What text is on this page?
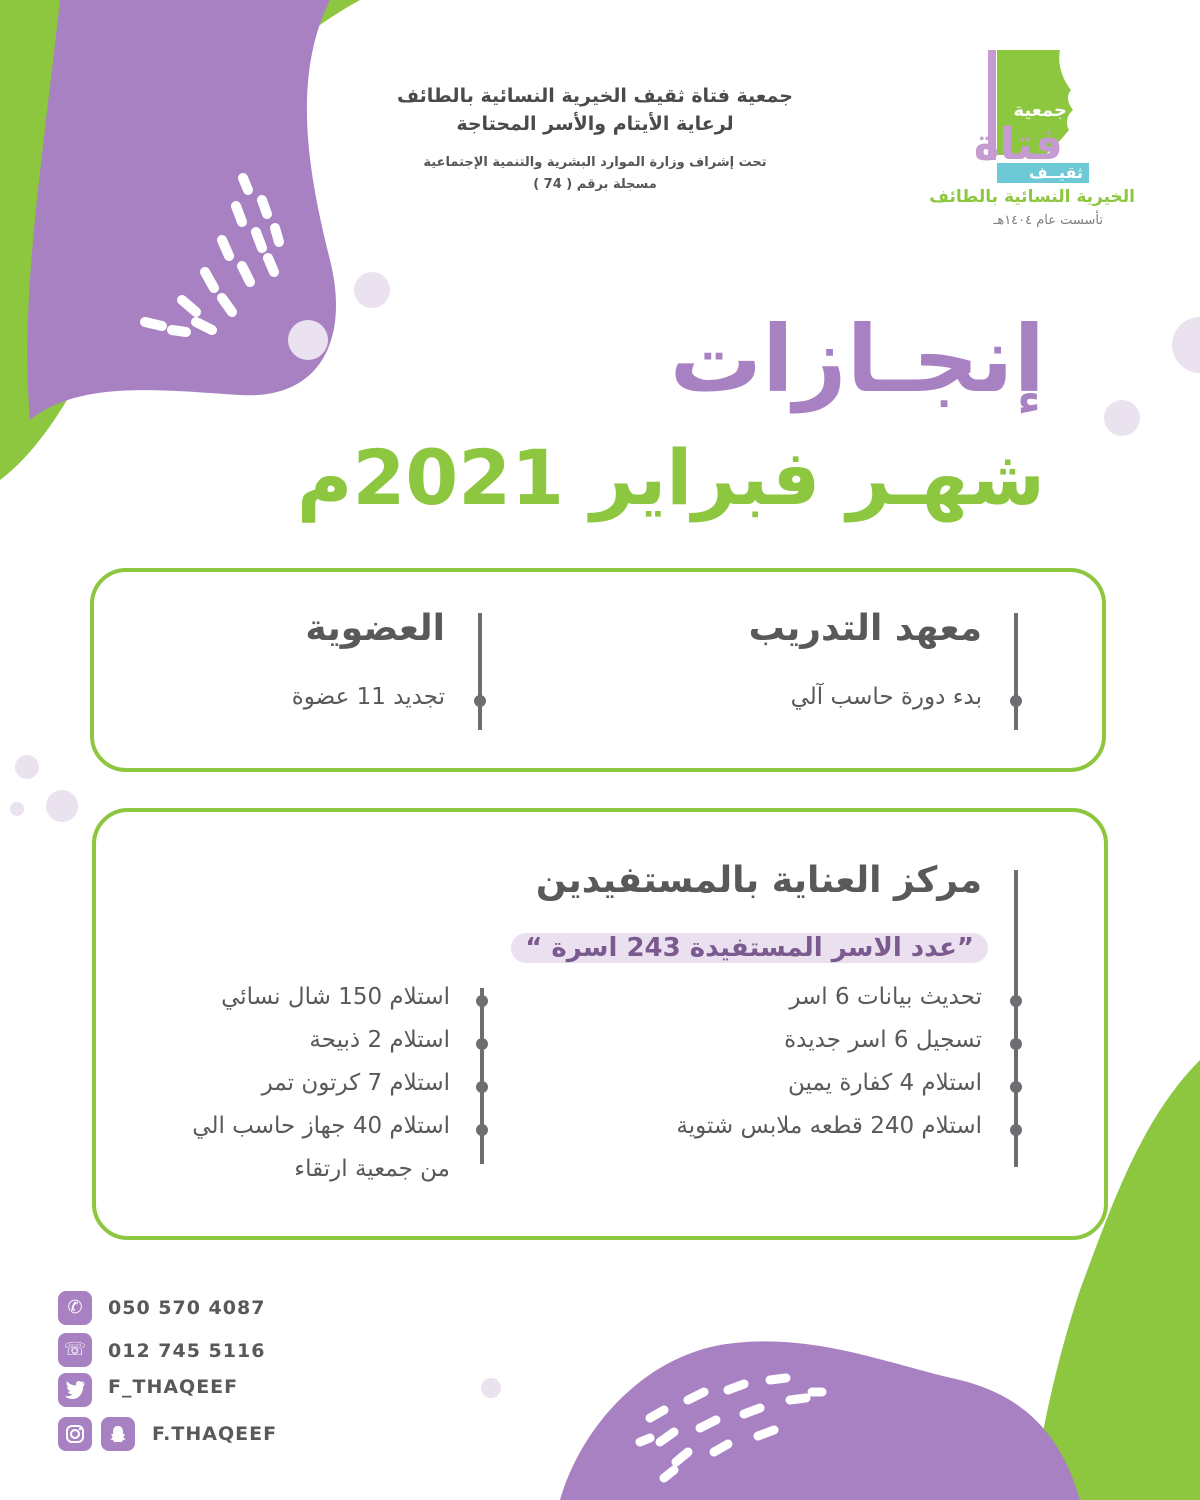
جمعية فتاة ثقيف الخيرية النسائية بالطائف
لرعاية الأيتام والأسر المحتاجة
تحت إشراف وزارة الموارد البشرية والتنمية الإجتماعية
مسجلة برقم ( 74 )
جمعية
فتاة
ثقيــف
الخيرية النسائية بالطائف
تأسست عام ١٤٠٤هـ
إنجـازات
شهـر فبراير 2021م
معهد التدريب
بدء دورة حاسب آلي
العضوية
تجديد 11 عضوة
مركز العناية بالمستفيدين
”عدد الاسر المستفيدة 243 اسرة “
تحديث بيانات 6 اسر
تسجيل 6 اسر جديدة
استلام 4 كفارة يمين
استلام 240 قطعه ملابس شتوية
استلام 150 شال نسائي
استلام 2 ذبيحة
استلام 7 كرتون تمر
استلام 40 جهاز حاسب الي
من جمعية ارتقاء
✆	050 570 4087
☏	012 745 5116
F_THAQEEF
F.THAQEEF
